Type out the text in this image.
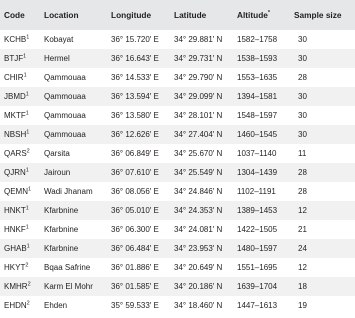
Code	Location	Longitude	Latitude	Altitude*	Sample size
KCHB$^1$	Kobayat	36° 15.720′ E	34° 29.881′ N	1582–1758	30
BTJF$^1$	Hermel	36° 16.643′ E	34° 29.731′ N	1538–1593	30
CHIR$^1$	Qammouaa	36° 14.533′ E	34° 29.790′ N	1553–1635	28
JBMD$^1$	Qammouaa	36° 13.594′ E	34° 29.099′ N	1394–1581	30
MKTF$^1$	Qammouaa	36° 13.580′ E	34° 28.101′ N	1548–1597	30
NBSH$^1$	Qammouaa	36° 12.626′ E	34° 27.404′ N	1460–1545	30
QARS$^2$	Qarsita	36° 06.849′ E	34° 25.670′ N	1037–1140	11
QJRN$^1$	Jairoun	36° 07.610′ E	34° 25.549′ N	1304–1439	28
QEMN$^1$	Wadi Jhanam	36° 08.056′ E	34° 24.846′ N	1102–1191	28
HNKT$^1$	Kfarbnine	36° 05.010′ E	34° 24.353′ N	1389–1453	12
HNKF$^1$	Kfarbnine	36° 06.300′ E	34° 24.081′ N	1422–1505	21
GHAB$^1$	Kfarbnine	36° 06.484′ E	34° 23.953′ N	1480–1597	24
HKYT$^2$	Bqaa Safrine	36° 01.886′ E	34° 20.649′ N	1551–1695	12
KMHR$^2$	Karm El Mohr	36° 01.585′ E	34° 20.186′ N	1639–1704	18
EHDN$^2$	Ehden	35° 59.533′ E	34° 18.460′ N	1447–1613	19
